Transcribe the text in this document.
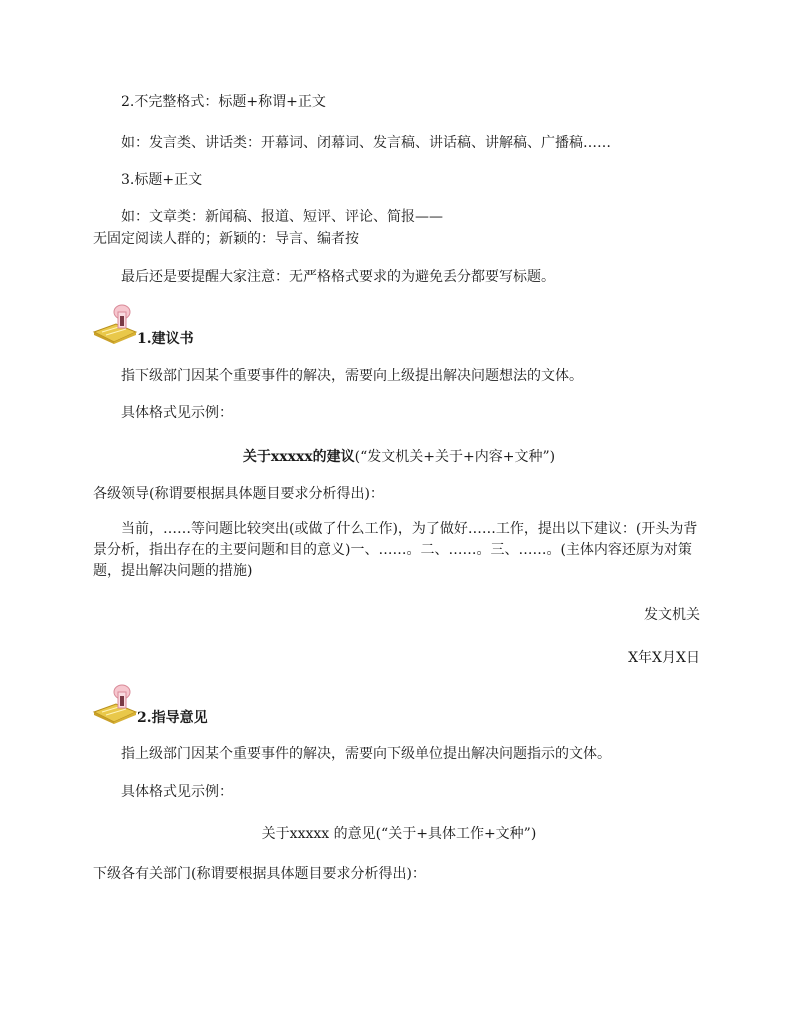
2.不完整格式：标题+称谓+正文
如：发言类、讲话类：开幕词、闭幕词、发言稿、讲话稿、讲解稿、广播稿……
3.标题+正文
如：文章类：新闻稿、报道、短评、评论、简报——
无固定阅读人群的；新颖的：导言、编者按
最后还是要提醒大家注意：无严格格式要求的为避免丢分都要写标题。
1.建议书
指下级部门因某个重要事件的解决，需要向上级提出解决问题想法的文体。
具体格式见示例：
关于xxxxx的建议(“发文机关+关于+内容+文种”)
各级领导(称谓要根据具体题目要求分析得出)：
当前，……等问题比较突出(或做了什么工作)，为了做好……工作，提出以下建议：(开头为背景分析，指出存在的主要问题和目的意义)一、……。二、……。三、……。(主体内容还原为对策题，提出解决问题的措施)
发文机关
X年X月X日
2.指导意见
指上级部门因某个重要事件的解决，需要向下级单位提出解决问题指示的文体。
具体格式见示例：
关于xxxxx 的意见(“关于+具体工作+文种”)
下级各有关部门(称谓要根据具体题目要求分析得出)：
